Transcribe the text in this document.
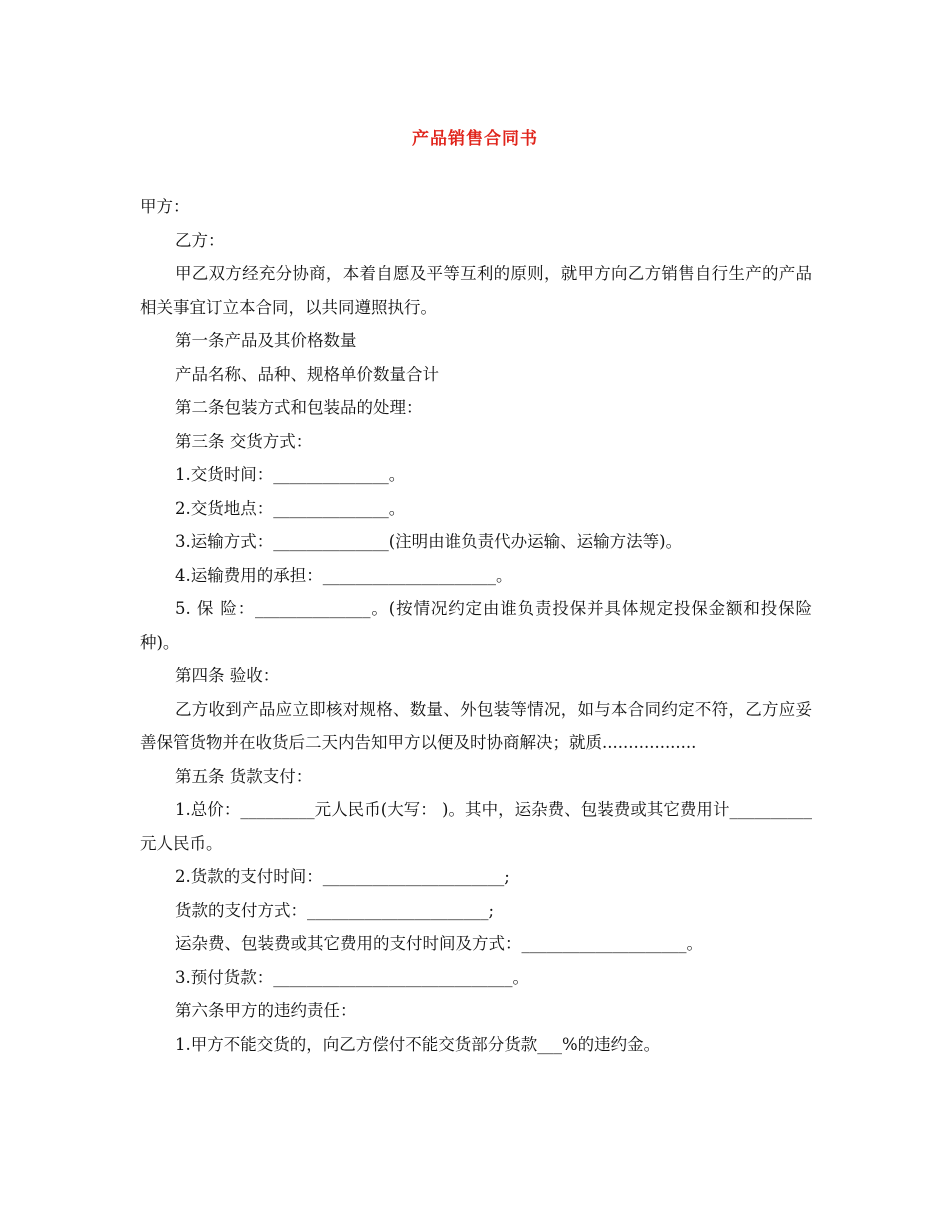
产品销售合同书

甲方：

乙方：

甲乙双方经充分协商，本着自愿及平等互利的原则，就甲方向乙方销售自行生产的产品相关事宜订立本合同，以共同遵照执行。

第一条产品及其价格数量

产品名称、品种、规格单价数量合计

第二条包装方式和包装品的处理：

第三条 交货方式：

1.交货时间：______________。

2.交货地点：______________。

3.运输方式：______________(注明由谁负责代办运输、运输方法等)。

4.运输费用的承担：_____________________。

5. 保 险：______________。(按情况约定由谁负责投保并具体规定投保金额和投保险种)。

第四条 验收：

乙方收到产品应立即核对规格、数量、外包装等情况，如与本合同约定不符，乙方应妥善保管货物并在收货后二天内告知甲方以便及时协商解决；就质..................

第五条 货款支付：

1.总价：_________元人民币(大写： )。其中，运杂费、包装费或其它费用计__________元人民币。

2.货款的支付时间：______________________;

货款的支付方式：______________________;

运杂费、包装费或其它费用的支付时间及方式：____________________。

3.预付货款：_____________________________。

第六条甲方的违约责任：

1.甲方不能交货的，向乙方偿付不能交货部分货款___%的违约金。
